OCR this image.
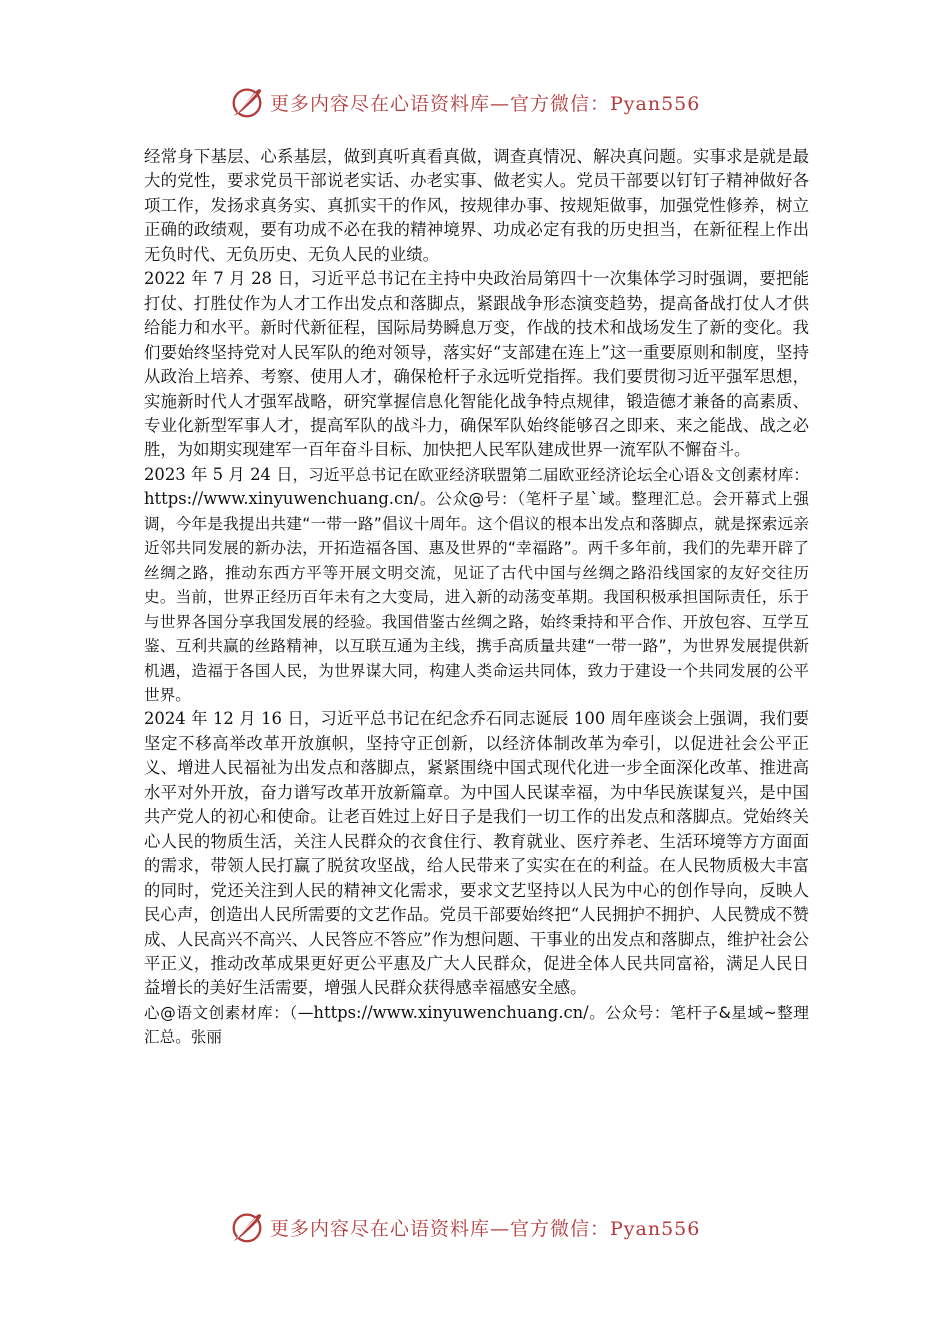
更多内容尽在心语资料库—官方微信：Pyan556

经常身下基层、心系基层，做到真听真看真做，调查真情况、解决真问题。实事求是就是最大的党性，要求党员干部说老实话、办老实事、做老实人。党员干部要以钉钉子精神做好各项工作，发扬求真务实、真抓实干的作风，按规律办事、按规矩做事，加强党性修养，树立正确的政绩观，要有功成不必在我的精神境界、功成必定有我的历史担当，在新征程上作出无负时代、无负历史、无负人民的业绩。

2022 年 7 月 28 日，习近平总书记在主持中央政治局第四十一次集体学习时强调，要把能打仗、打胜仗作为人才工作出发点和落脚点，紧跟战争形态演变趋势，提高备战打仗人才供给能力和水平。新时代新征程，国际局势瞬息万变，作战的技术和战场发生了新的变化。我们要始终坚持党对人民军队的绝对领导，落实好“支部建在连上”这一重要原则和制度，坚持从政治上培养、考察、使用人才，确保枪杆子永远听党指挥。我们要贯彻习近平强军思想，实施新时代人才强军战略，研究掌握信息化智能化战争特点规律，锻造德才兼备的高素质、专业化新型军事人才，提高军队的战斗力，确保军队始终能够召之即来、来之能战、战之必胜，为如期实现建军一百年奋斗目标、加快把人民军队建成世界一流军队不懈奋斗。

2023 年 5 月 24 日，习近平总书记在欧亚经济联盟第二届欧亚经济论坛全心语＆文创素材库：https://www.xinyuwenchuang.cn/。公众@号：（笔杆子星`域。整理汇总。会开幕式上强调，今年是我提出共建“一带一路”倡议十周年。这个倡议的根本出发点和落脚点，就是探索远亲近邻共同发展的新办法，开拓造福各国、惠及世界的“幸福路”。两千多年前，我们的先辈开辟了丝绸之路，推动东西方平等开展文明交流，见证了古代中国与丝绸之路沿线国家的友好交往历史。当前，世界正经历百年未有之大变局，进入新的动荡变革期。我国积极承担国际责任，乐于与世界各国分享我国发展的经验。我国借鉴古丝绸之路，始终秉持和平合作、开放包容、互学互鉴、互利共赢的丝路精神，以互联互通为主线，携手高质量共建“一带一路”，为世界发展提供新机遇，造福于各国人民，为世界谋大同，构建人类命运共同体，致力于建设一个共同发展的公平世界。

2024 年 12 月 16 日，习近平总书记在纪念乔石同志诞辰 100 周年座谈会上强调，我们要坚定不移高举改革开放旗帜，坚持守正创新，以经济体制改革为牵引，以促进社会公平正义、增进人民福祉为出发点和落脚点，紧紧围绕中国式现代化进一步全面深化改革、推进高水平对外开放，奋力谱写改革开放新篇章。为中国人民谋幸福，为中华民族谋复兴，是中国共产党人的初心和使命。让老百姓过上好日子是我们一切工作的出发点和落脚点。党始终关心人民的物质生活，关注人民群众的衣食住行、教育就业、医疗养老、生活环境等方方面面的需求，带领人民打赢了脱贫攻坚战，给人民带来了实实在在的利益。在人民物质极大丰富的同时，党还关注到人民的精神文化需求，要求文艺坚持以人民为中心的创作导向，反映人民心声，创造出人民所需要的文艺作品。党员干部要始终把“人民拥护不拥护、人民赞成不赞成、人民高兴不高兴、人民答应不答应”作为想问题、干事业的出发点和落脚点，维护社会公平正义，推动改革成果更好更公平惠及广大人民群众，促进全体人民共同富裕，满足人民日益增长的美好生活需要，增强人民群众获得感幸福感安全感。

心@语文创素材库：（—https://www.xinyuwenchuang.cn/。公众号：笔杆子&星域~整理汇总。张丽

更多内容尽在心语资料库—官方微信：Pyan556
